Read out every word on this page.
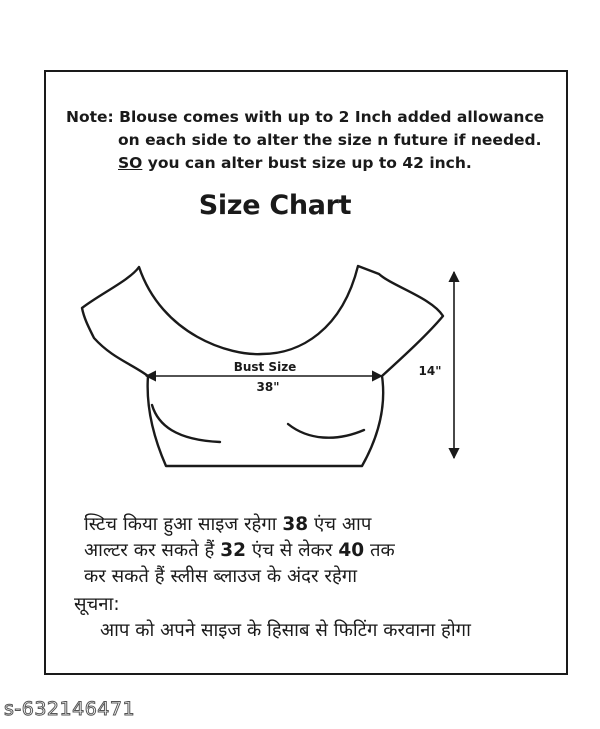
Note: Blouse comes with up to 2 Inch added allowance
on each side to alter the size n future if needed.
SO you can alter bust size up to 42 inch.
Size Chart
Bust Size
38"
14"
स्टिच किया हुआ साइज रहेगा 38 एंच आप
आल्टर कर सकते हैं 32 एंच से लेकर 40 तक
कर सकते हैं स्लीस ब्लाउज के अंदर रहेगा
सूचना:
आप को अपने साइज के हिसाब से फिटिंग करवाना होगा
s-632146471
